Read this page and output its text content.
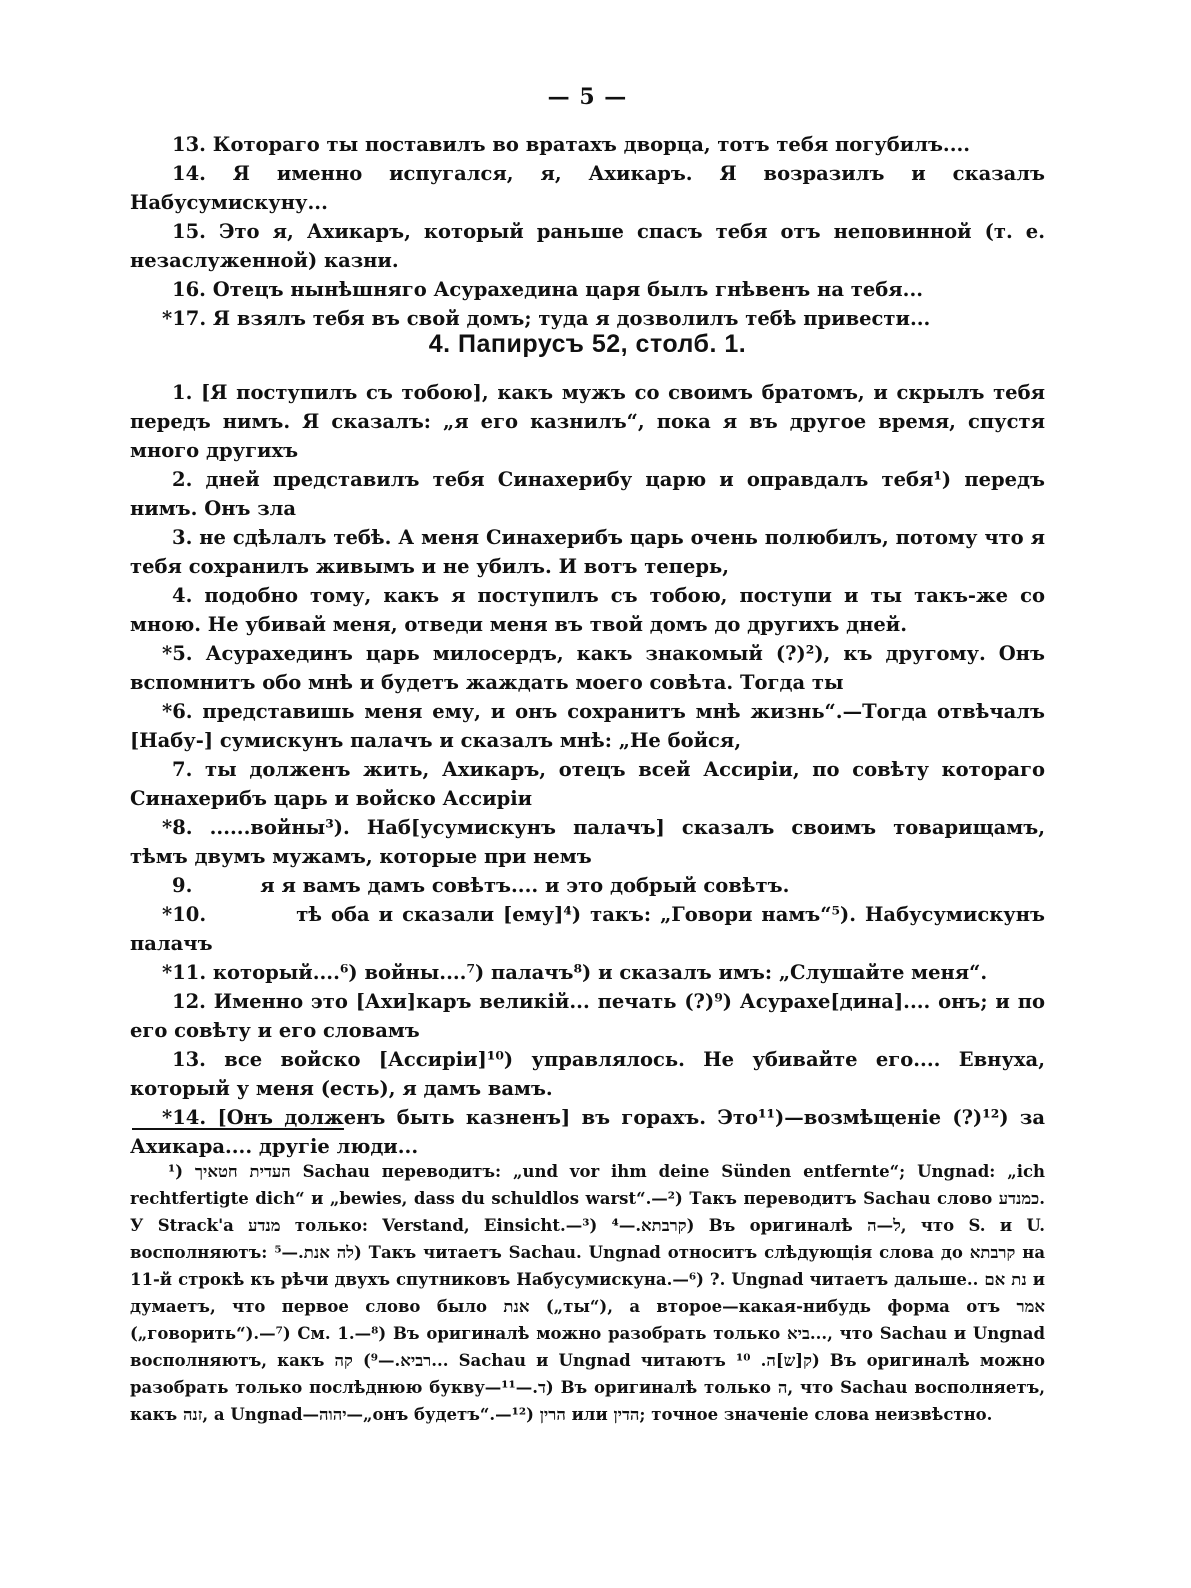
— 5 —

13. Котораго ты поставилъ во вратахъ дворца, тотъ тебя погубилъ....

14. Я именно испугался, я, Ахикаръ. Я возразилъ и сказалъ Набусумискуну...

15. Это я, Ахикаръ, который раньше спасъ тебя отъ неповинной (т. е. незаслуженной) казни.

16. Отецъ нынѣшняго Асурахедина царя былъ гнѣвенъ на тебя...

*17. Я взялъ тебя въ свой домъ; туда я дозволилъ тебѣ привести...

4. Папирусъ 52, столб. 1.

1. [Я поступилъ съ тобою], какъ мужъ со своимъ братомъ, и скрылъ тебя передъ нимъ. Я сказалъ: „я его казнилъ“, пока я въ другое время, спустя много другихъ

2. дней представилъ тебя Синахерибу царю и оправдалъ тебя¹) передъ нимъ. Онъ зла

3. не сдѣлалъ тебѣ. А меня Синахерибъ царь очень полюбилъ, потому что я тебя сохранилъ живымъ и не убилъ. И вотъ теперь,

4. подобно тому, какъ я поступилъ съ тобою, поступи и ты такъ-же со мною. Не убивай меня, отведи меня въ твой домъ до другихъ дней.

*5. Асурахединъ царь милосердъ, какъ знакомый (?)²), къ другому. Онъ вспомнитъ обо мнѣ и будетъ жаждать моего совѣта. Тогда ты

*6. представишь меня ему, и онъ сохранитъ мнѣ жизнь“.—Тогда отвѣчалъ [Набу-] сумискунъ палачъ и сказалъ мнѣ: „Не бойся,

7. ты долженъ жить, Ахикаръ, отецъ всей Ассиріи, по совѣту котораго Синахерибъ царь и войско Ассиріи

*8. ......войны³). Наб[усумискунъ палачъ] сказалъ своимъ товарищамъ, тѣмъ двумъ мужамъ, которые при немъ

9.          я я вамъ дамъ совѣтъ.... и это добрый совѣтъ.

*10.          тѣ оба и сказали [ему]⁴) такъ: „Говори намъ“⁵). Набусумискунъ палачъ

*11. который....⁶) войны....⁷) палачъ⁸) и сказалъ имъ: „Слушайте меня“.

12. Именно это [Ахи]каръ великій... печать (?)⁹) Асурахе[дина].... онъ; и по его совѣту и его словамъ

13. все войско [Ассиріи]¹⁰) управлялось. Не убивайте его.... Евнуха, который у меня (есть), я дамъ вамъ.

*14. [Онъ долженъ быть казненъ] въ горахъ. Это¹¹)—возмѣщеніе (?)¹²) за Ахикара.... другіе люди...

¹) העדית חטאיך Sachau переводитъ: „und vor ihm deine Sünden entfernte“; Ungnad: „ich rechtfertigte dich“ и „bewies, dass du schuldlos warst“.—²) Такъ переводитъ Sachau слово כמנדע. У Strack'a מנדע только: Verstand, Einsicht.—³) קרבתא.—⁴) Въ оригиналѣ ל—ה, что S. и U. восполняютъ: לה אנת.—⁵) Такъ читаетъ Sachau. Ungnad относитъ слѣдующія слова до קרבתא на 11-й строкѣ къ рѣчи двухъ спутниковъ Набусумискуна.—⁶) ?. Ungnad читаетъ дальше.. נת אם и думаетъ, что первое слово было אנת („ты“), а второе—какая-нибудь форма отъ אמר („говорить“).—⁷) См. 1.—⁸) Въ оригиналѣ можно разобрать только ביא..., что Sachau и Ungnad восполняютъ, какъ רביא.—⁹) קה... Sachau и Ungnad читаютъ ק[ש]ה. ¹⁰) Въ оригиналѣ можно разобрать только послѣднюю букву—ד.—¹¹) Въ оригиналѣ только ה, что Sachau восполняетъ, какъ זנה, а Ungnad—יהוה—„онъ будетъ“.—¹²) הרין или הדין; точное значеніе слова неизвѣстно.
